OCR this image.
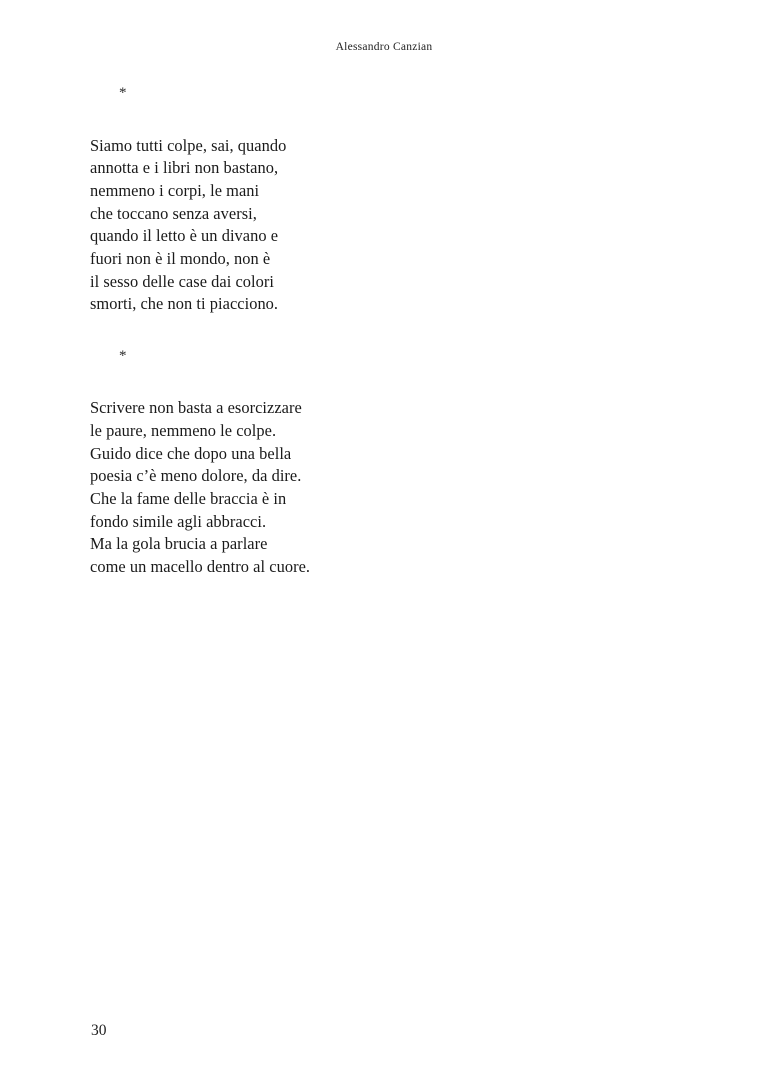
Alessandro Canzian
*
Siamo tutti colpe, sai, quando
annotta e i libri non bastano,
nemmeno i corpi, le mani
che toccano senza aversi,
quando il letto è un divano e
fuori non è il mondo, non è
il sesso delle case dai colori
smorti, che non ti piacciono.
*
Scrivere non basta a esorcizzare
le paure, nemmeno le colpe.
Guido dice che dopo una bella
poesia c’è meno dolore, da dire.
Che la fame delle braccia è in
fondo simile agli abbracci.
Ma la gola brucia a parlare
come un macello dentro al cuore.
30
